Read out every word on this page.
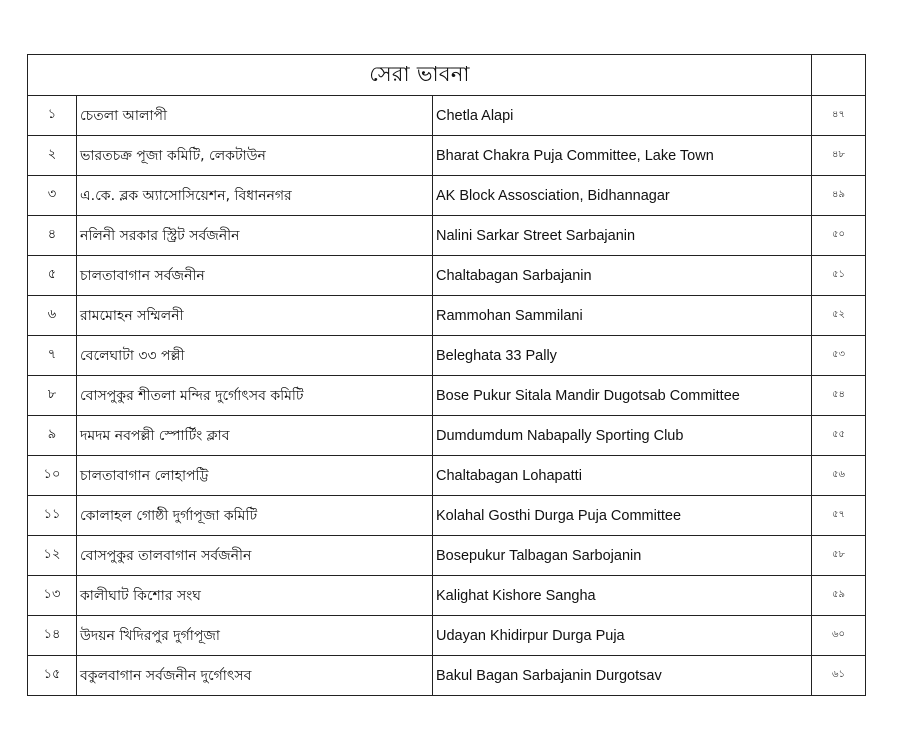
সেরা ভাবনা			
১	চেতলা আলাপী	Chetla Alapi	৪৭
২	ভারতচক্র পূজা কমিটি, লেকটাউন	Bharat Chakra Puja Committee, Lake Town	৪৮
৩	এ.কে. ব্লক অ্যাসোসিয়েশন, বিধাননগর	AK Block Assosciation, Bidhannagar	৪৯
৪	নলিনী সরকার স্ট্রিট সর্বজনীন	Nalini Sarkar Street Sarbajanin	৫০
৫	চালতাবাগান সর্বজনীন	Chaltabagan Sarbajanin	৫১
৬	রামমোহন সম্মিলনী	Rammohan Sammilani	৫২
৭	বেলেঘাটা ৩৩ পল্লী	Beleghata 33 Pally	৫৩
৮	বোসপুকুর শীতলা মন্দির দুর্গোৎসব কমিটি	Bose Pukur Sitala Mandir Dugotsab Committee	৫৪
৯	দমদম নবপল্লী স্পোর্টিং ক্লাব	Dumdumdum Nabapally Sporting Club	৫৫
১০	চালতাবাগান লোহাপট্টি	Chaltabagan Lohapatti	৫৬
১১	কোলাহল গোষ্ঠী দুর্গাপূজা কমিটি	Kolahal Gosthi Durga Puja Committee	৫৭
১২	বোসপুকুর তালবাগান সর্বজনীন	Bosepukur Talbagan Sarbojanin	৫৮
১৩	কালীঘাট কিশোর সংঘ	Kalighat Kishore Sangha	৫৯
১৪	উদয়ন খিদিরপুর দুর্গাপূজা	Udayan Khidirpur Durga Puja	৬০
১৫	বকুলবাগান সর্বজনীন দুর্গোৎসব	Bakul Bagan Sarbajanin Durgotsav	৬১
